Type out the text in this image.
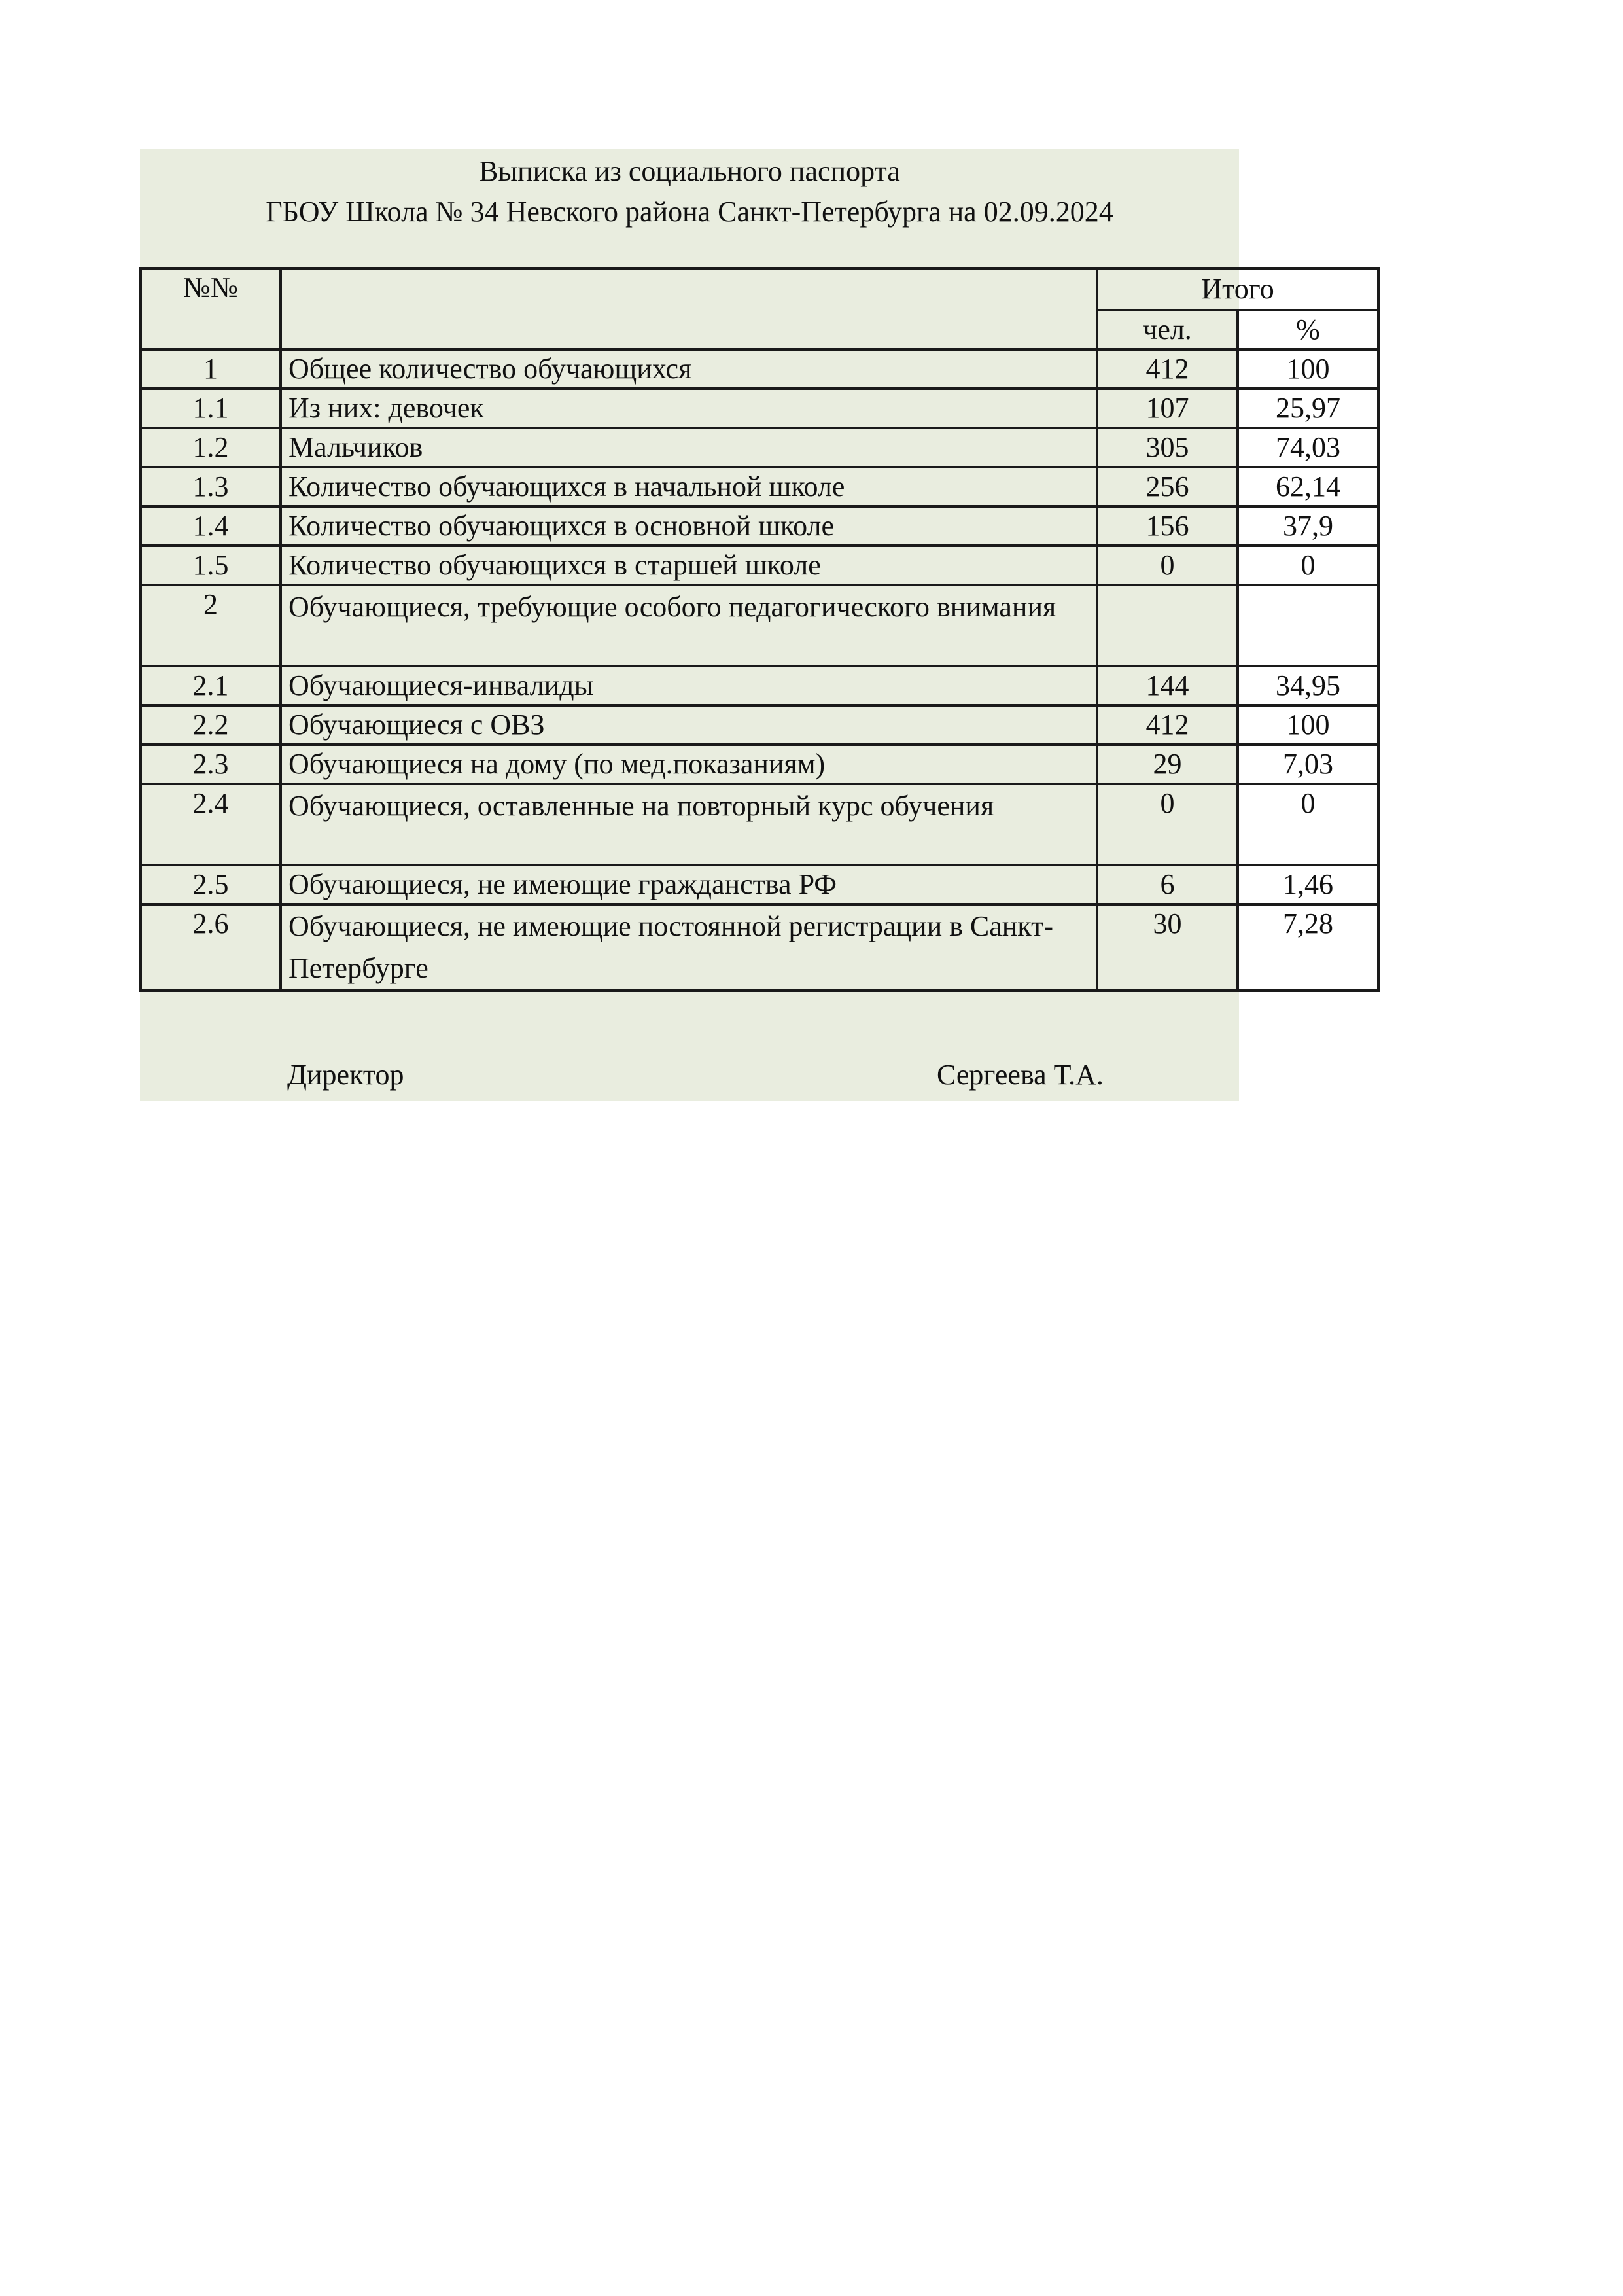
Выписка из социального паспорта
ГБОУ Школа № 34 Невского района Санкт-Петербурга на 02.09.2024
№№		Итого	
		чел.	%
1	Общее количество обучающихся	412	100
1.1	Из них: девочек	107	25,97
1.2	Мальчиков	305	74,03
1.3	Количество обучающихся в начальной школе	256	62,14
1.4	Количество обучающихся в основной школе	156	37,9
1.5	Количество обучающихся в старшей школе	0	0
2	Обучающиеся, требующие особого педагогического внимания		
2.1	Обучающиеся-инвалиды	144	34,95
2.2	Обучающиеся с ОВЗ	412	100
2.3	Обучающиеся на дому (по мед.показаниям)	29	7,03
2.4	Обучающиеся, оставленные на повторный курс обучения	0	0
2.5	Обучающиеся, не имеющие гражданства РФ	6	1,46
2.6	Обучающиеся, не имеющие постоянной регистрации в Санкт-Петербурге	30	7,28
Директор	Сергеева Т.А.
